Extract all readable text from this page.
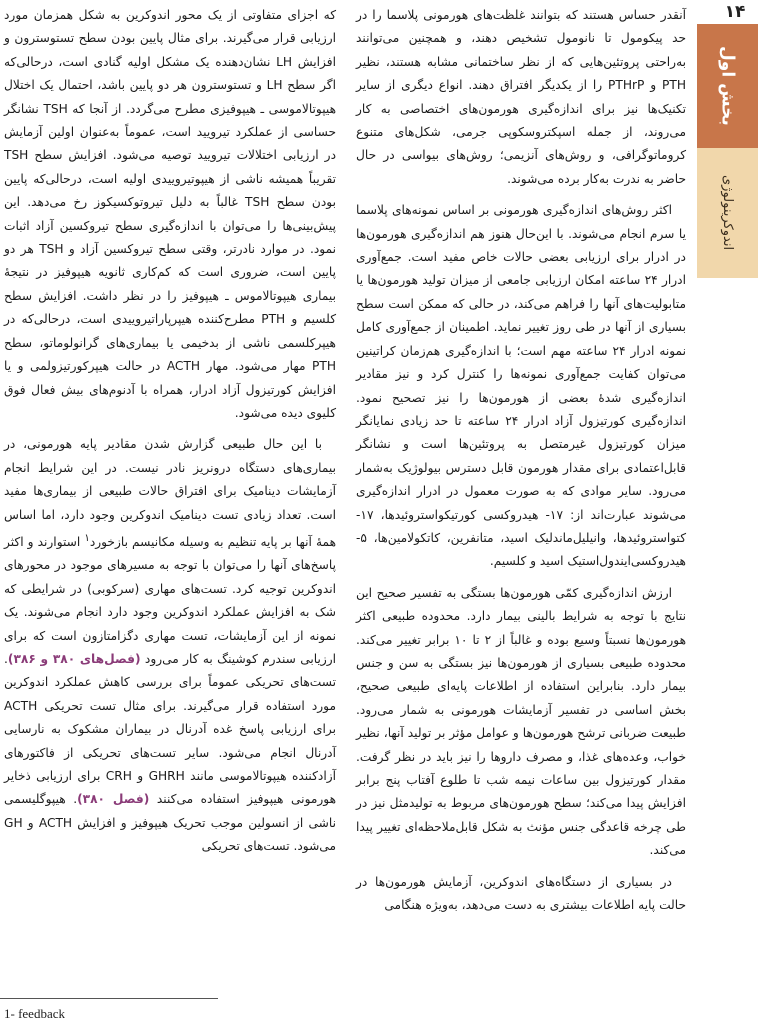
۱۴
بخش اول
اندوکرینولوژی

آنقدر حساس هستند که بتوانند غلظت‌های هورمونی پلاسما را در حد پیکومول تا نانومول تشخیص دهند، و همچنین می‌توانند به‌راحتی پروتئین‌هایی که از نظر ساختمانی مشابه هستند، نظیر PTH و PTHrP را از یکدیگر افتراق دهند. انواع دیگری از سایر تکنیک‌ها نیز برای اندازه‌گیری هورمون‌های اختصاصی به کار می‌روند، از جمله اسپکتروسکوپی جرمی، شکل‌های متنوع کروماتوگرافی، و روش‌های آنزیمی؛ روش‌های بیواسی در حال حاضر به ندرت به‌کار برده می‌شوند.

اکثر روش‌های اندازه‌گیری هورمونی بر اساس نمونه‌های پلاسما یا سرم انجام می‌شوند. با این‌حال هنوز هم اندازه‌گیری هورمون‌ها در ادرار برای ارزیابی بعضی حالات خاص مفید است. جمع‌آوری ادرار ۲۴ ساعته امکان ارزیابی جامعی از میزان تولید هورمون‌ها یا متابولیت‌های آنها را فراهم می‌کند، در حالی که ممکن است سطح بسیاری از آنها در طی روز تغییر نماید. اطمینان از جمع‌آوری کامل نمونه ادرار ۲۴ ساعته مهم است؛ با اندازه‌گیری هم‌زمان کراتینین می‌توان کفایت جمع‌آوری نمونه‌ها را کنترل کرد و نیز مقادیر اندازه‌گیری شدهٔ بعضی از هورمون‌ها را نیز تصحیح نمود. اندازه‌گیری کورتیزول آزاد ادرار ۲۴ ساعته تا حد زیادی نمایانگر میزان کورتیزول غیرمتصل به پروتئین‌ها است و نشانگر قابل‌اعتمادی برای مقدار هورمون قابل دسترس بیولوژیک به‌شمار می‌رود. سایر موادی که به صورت معمول در ادرار اندازه‌گیری می‌شوند عبارت‌اند از: ۱۷- هیدروکسی کورتیکواستروئیدها، ۱۷- کتواستروئیدها، وانیلیل‌ماندلیک اسید، متانفرین، کاتکولامین‌ها، ۵- هیدروکسی‌ایندول‌استیک اسید و کلسیم.

ارزش اندازه‌گیری کمّی هورمون‌ها بستگی به تفسیر صحیح این نتایج با توجه به شرایط بالینی بیمار دارد. محدوده طبیعی اکثر هورمون‌ها نسبتاً وسیع بوده و غالباً از ۲ تا ۱۰ برابر تغییر می‌کند. محدوده طبیعی بسیاری از هورمون‌ها نیز بستگی به سن و جنس بیمار دارد. بنابراین استفاده از اطلاعات پایه‌ای طبیعی صحیح، بخش اساسی در تفسیر آزمایشات هورمونی به شمار می‌رود. طبیعت ضربانی ترشح هورمون‌ها و عوامل مؤثر بر تولید آنها، نظیر خواب، وعده‌های غذا، و مصرف داروها را نیز باید در نظر گرفت. مقدار کورتیزول بین ساعات نیمه شب تا طلوع آفتاب پنج برابر افزایش پیدا می‌کند؛ سطح هورمون‌های مربوط به تولیدمثل نیز در طی چرخه قاعدگی جنس مؤنث به شکل قابل‌ملاحظه‌ای تغییر پیدا می‌کند.

در بسیاری از دستگاه‌های اندوکرین، آزمایش هورمون‌ها در حالت پایه اطلاعات بیشتری به دست می‌دهد، به‌ویژه هنگامی

که اجزای متفاوتی از یک محور اندوکرین به شکل همزمان مورد ارزیابی قرار می‌گیرند. برای مثال پایین بودن سطح تستوسترون و افزایش LH نشان‌دهنده یک مشکل اولیه گنادی است، درحالی‌که اگر سطح LH و تستوسترون هر دو پایین باشد، احتمال یک اختلال هیپوتالاموسی ـ هیپوفیزی مطرح می‌گردد. از آنجا که TSH نشانگر حساسی از عملکرد تیرویید است، عموماً به‌عنوان اولین آزمایش در ارزیابی اختلالات تیرویید توصیه می‌شود. افزایش سطح TSH تقریباً همیشه ناشی از هیپوتیروییدی اولیه است، درحالی‌که پایین بودن سطح TSH غالباً به دلیل تیروتوکسیکوز رخ می‌دهد. این پیش‌بینی‌ها را می‌توان با اندازه‌گیری سطح تیروکسین آزاد اثبات نمود. در موارد نادرتر، وقتی سطح تیروکسین آزاد و TSH هر دو پایین است، ضروری است که کم‌کاری ثانویه هیپوفیز در نتیجهٔ بیماری هیپوتالاموس ـ هیپوفیز را در نظر داشت. افزایش سطح کلسیم و PTH مطرح‌کننده هیپرپاراتیروییدی است، درحالی‌که در هیپرکلسمی ناشی از بدخیمی یا بیماری‌های گرانولوماتو، سطح PTH مهار می‌شود. مهار ACTH در حالت هیپرکورتیزولمی و یا افزایش کورتیزول آزاد ادرار، همراه با آدنوم‌های بیش فعال فوق کلیوی دیده می‌شود.

با این حال طبیعی گزارش شدن مقادیر پایه هورمونی، در بیماری‌های دستگاه درونریز نادر نیست. در این شرایط انجام آزمایشات دینامیک برای افتراق حالات طبیعی از بیماری‌ها مفید است. تعداد زیادی تست دینامیک اندوکرین وجود دارد، اما اساس همهٔ آنها بر پایه تنظیم به وسیله مکانیسم بازخورد$^۱$ استوارند و اکثر پاسخ‌های آنها را می‌توان با توجه به مسیرهای موجود در محورهای اندوکرین توجیه کرد. تست‌های مهاری (سرکوبی) در شرایطی که شک به افزایش عملکرد اندوکرین وجود دارد انجام می‌شوند. یک نمونه از این آزمایشات، تست مهاری دگزامتازون است که برای ارزیابی سندرم کوشینگ به کار می‌رود (فصل‌های ۳۸۰ و ۳۸۶). تست‌های تحریکی عموماً برای بررسی کاهش عملکرد اندوکرین مورد استفاده قرار می‌گیرند. برای مثال تست تحریکی ACTH برای ارزیابی پاسخ غده آدرنال در بیماران مشکوک به نارسایی آدرنال انجام می‌شود. سایر تست‌های تحریکی از فاکتورهای آزادکننده هیپوتالاموسی مانند GHRH و CRH برای ارزیابی ذخایر هورمونی هیپوفیز استفاده می‌کنند (فصل ۳۸۰). هیپوگلیسمی ناشی از انسولین موجب تحریک هیپوفیز و افزایش ACTH و GH می‌شود. تست‌های تحریکی

1- feedback
